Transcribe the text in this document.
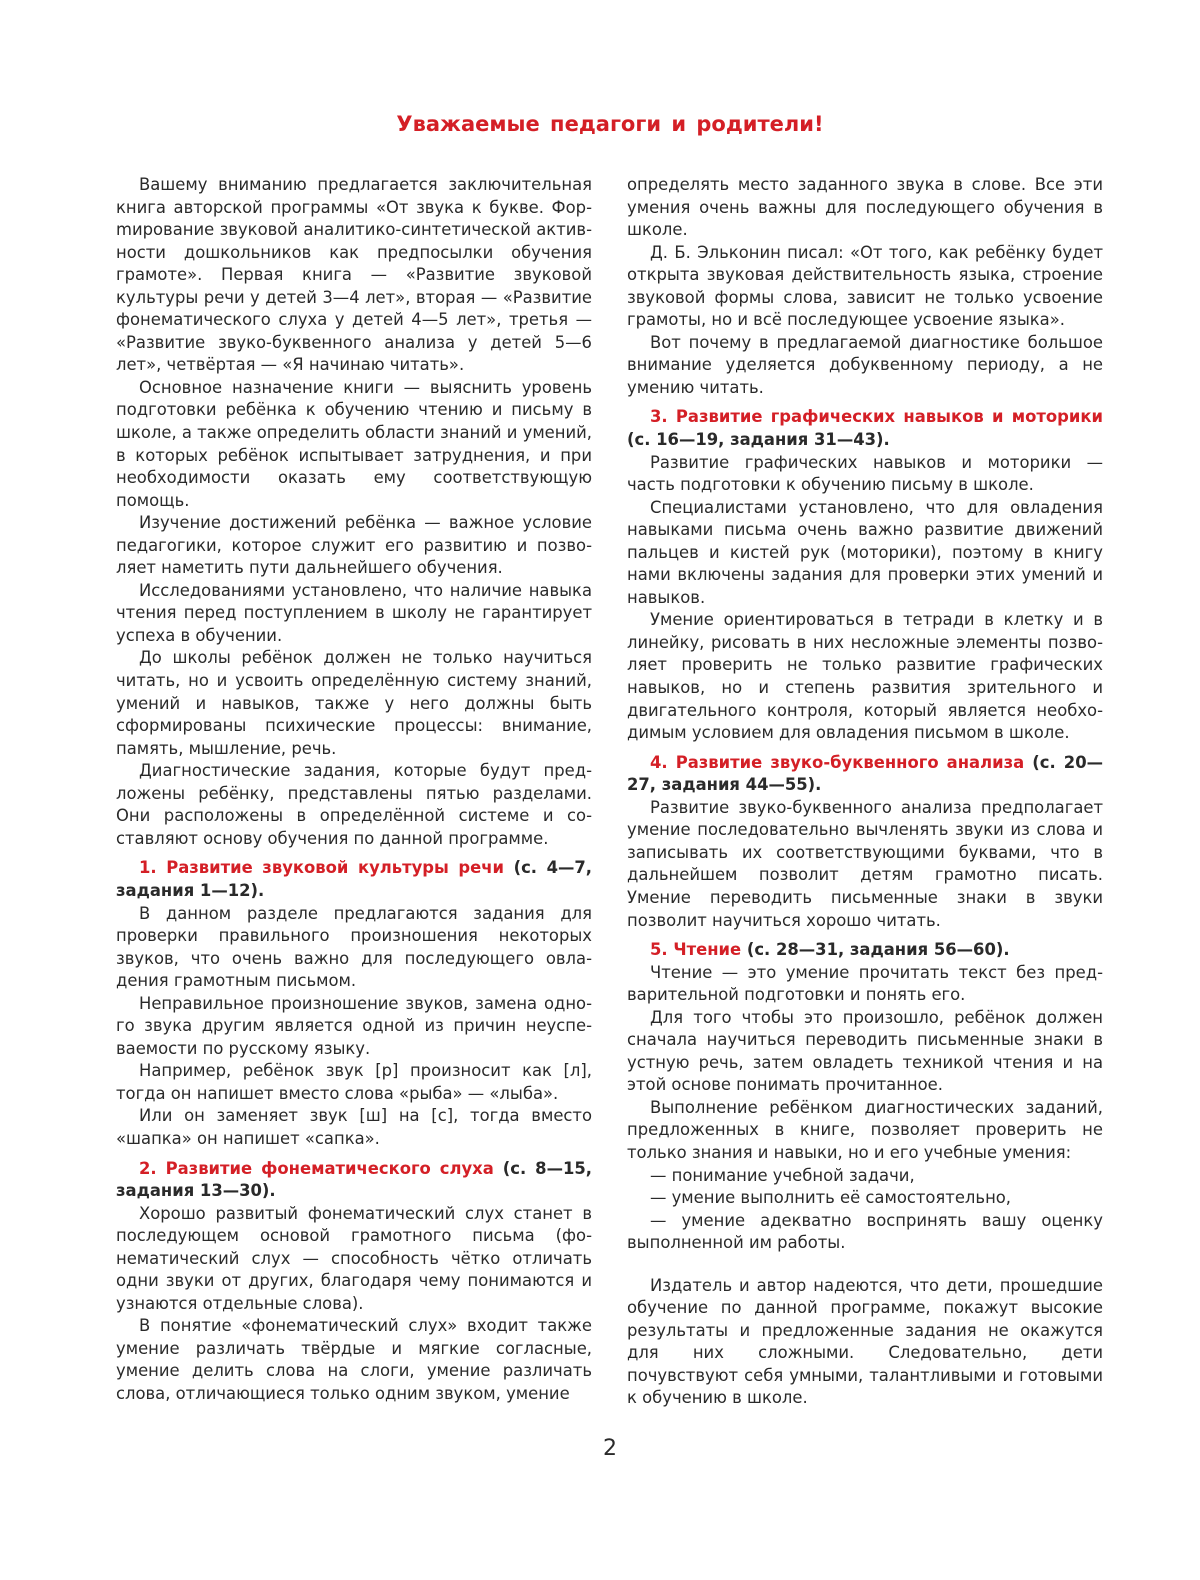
Уважаемые педагоги и родители!

Вашему вниманию предлагается заключительная книга авторской программы «От звука к букве. Форmирование звуковой аналитико-синтетической активности дошкольников как предпосылки обучения грамоте». Первая книга — «Развитие звуковой культуры речи у детей 3—4 лет», вторая — «Развитие фонематического слуха у детей 4—5 лет», третья — «Развитие звуко-буквенного анализа у детей 5—6 лет», четвёртая — «Я начинаю читать».

Основное назначение книги — выяснить уровень подготовки ребёнка к обучению чтению и письму в школе, а также определить области знаний и умений, в которых ребёнок испытывает затруднения, и при необходимости оказать ему соответствующую помощь.

Изучение достижений ребёнка — важное условие педагогики, которое служит его развитию и позволяет наметить пути дальнейшего обучения.

Исследованиями установлено, что наличие навыка чтения перед поступлением в школу не гарантирует успеха в обучении.

До школы ребёнок должен не только научиться читать, но и усвоить определённую систему знаний, умений и навыков, также у него должны быть сформированы психические процессы: внимание, память, мышление, речь.

Диагностические задания, которые будут предложены ребёнку, представлены пятью разделами. Они расположены в определённой системе и составляют основу обучения по данной программе.

1. Развитие звуковой культуры речи (с. 4—7, задания 1—12).

В данном разделе предлагаются задания для проверки правильного произношения некоторых звуков, что очень важно для последующего овладения грамотным письмом.

Неправильное произношение звуков, замена одного звука другим является одной из причин неуспеваемости по русскому языку.

Например, ребёнок звук [р] произносит как [л], тогда он напишет вместо слова «рыба» — «лыба».

Или он заменяет звук [ш] на [с], тогда вместо «шапка» он напишет «сапка».

2. Развитие фонематического слуха (с. 8—15, задания 13—30).

Хорошо развитый фонематический слух станет в последующем основой грамотного письма (фонематический слух — способность чётко отличать одни звуки от других, благодаря чему понимаются и узнаются отдельные слова).

В понятие «фонематический слух» входит также умение различать твёрдые и мягкие согласные, умение делить слова на слоги, умение различать слова, отличающиеся только одним звуком, умение

определять место заданного звука в слове. Все эти умения очень важны для последующего обучения в школе.

Д. Б. Эльконин писал: «От того, как ребёнку будет открыта звуковая действительность языка, строение звуковой формы слова, зависит не только усвоение грамоты, но и всё последующее усвоение языка».

Вот почему в предлагаемой диагностике большое внимание уделяется добуквенному периоду, а не умению читать.

3. Развитие графических навыков и моторики (с. 16—19, задания 31—43).

Развитие графических навыков и моторики — часть подготовки к обучению письму в школе.

Специалистами установлено, что для овладения навыками письма очень важно развитие движений пальцев и кистей рук (моторики), поэтому в книгу нами включены задания для проверки этих умений и навыков.

Умение ориентироваться в тетради в клетку и в линейку, рисовать в них несложные элементы позволяет проверить не только развитие графических навыков, но и степень развития зрительного и двигательного контроля, который является необходимым условием для овладения письмом в школе.

4. Развитие звуко-буквенного анализа (с. 20—27, задания 44—55).

Развитие звуко-буквенного анализа предполагает умение последовательно вычленять звуки из слова и записывать их соответствующими буквами, что в дальнейшем позволит детям грамотно писать. Умение переводить письменные знаки в звуки позволит научиться хорошо читать.

5. Чтение (с. 28—31, задания 56—60).

Чтение — это умение прочитать текст без предварительной подготовки и понять его.

Для того чтобы это произошло, ребёнок должен сначала научиться переводить письменные знаки в устную речь, затем овладеть техникой чтения и на этой основе понимать прочитанное.

Выполнение ребёнком диагностических заданий, предложенных в книге, позволяет проверить не только знания и навыки, но и его учебные умения:

— понимание учебной задачи,

— умение выполнить её самостоятельно,

— умение адекватно воспринять вашу оценку выполненной им работы.

Издатель и автор надеются, что дети, прошедшие обучение по данной программе, покажут высокие результаты и предложенные задания не окажутся для них сложными. Следовательно, дети почувствуют себя умными, талантливыми и готовыми к обучению в школе.

2
